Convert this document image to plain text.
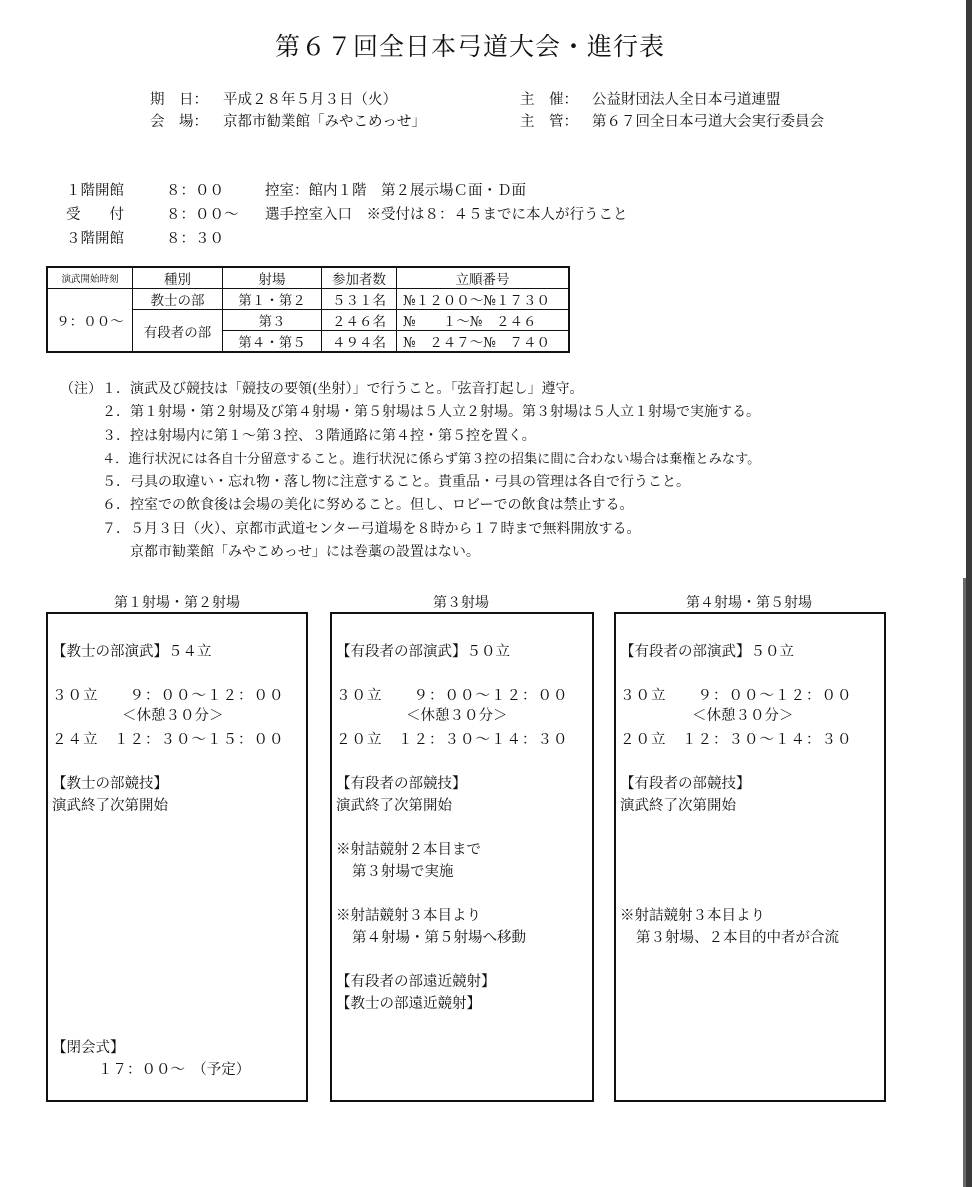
第６７回全日本弓道大会・進行表
期　日： 平成２８年５月３日（火）
会　場： 京都市勧業館「みやこめっせ」
主　催： 公益財団法人全日本弓道連盟
主　管： 第６７回全日本弓道大会実行委員会
１階開館	８：００	控室：館内１階　第２展示場Ｃ面・Ｄ面
受　　付	８：００～ 選手控室入口　※受付は８：４５までに本人が行うこと
３階開館	８：３０
演武開始時刻	種別	射場	参加者数	立順番号
９：００～	教士の部	第１・第２	５３１名	№１２００～№１７３０
	有段者の部	第３	２４６名	№　　１～№　２４６
		第４・第５	４９４名	№　２４７～№　７４０
（注）１．演武及び競技は「競技の要領(坐射）」で行うこと。「弦音打起し」遵守。
２．第１射場・第２射場及び第４射場・第５射場は５人立２射場。第３射場は５人立１射場で実施する。
３．控は射場内に第１～第３控、３階通路に第４控・第５控を置く。
４．進行状況には各自十分留意すること。進行状況に係らず第３控の招集に間に合わない場合は棄権とみなす。
５．弓具の取違い・忘れ物・落し物に注意すること。貴重品・弓具の管理は各自で行うこと。
６．控室での飲食後は会場の美化に努めること。但し、ロビーでの飲食は禁止する。
７．５月３日（火）、京都市武道センター弓道場を８時から１７時まで無料開放する。
京都市勧業館「みやこめっせ」には巻藁の設置はない。
第１射場・第２射場	第３射場	第４射場・第５射場
【教士の部演武】５４立
３０立　　９：００～１２：００
＜休憩３０分＞
２４立　１２：３０～１５：００
【教士の部競技】
演武終了次第開始
【閉会式】
１７：００～　（予定）
【有段者の部演武】５０立
３０立　　９：００～１２：００
＜休憩３０分＞
２０立　１２：３０～１４：３０
【有段者の部競技】
演武終了次第開始
※射詰競射２本目まで
第３射場で実施
※射詰競射３本目より
第４射場・第５射場へ移動
【有段者の部遠近競射】
【教士の部遠近競射】
【有段者の部演武】５０立
３０立　　９：００～１２：００
＜休憩３０分＞
２０立　１２：３０～１４：３０
【有段者の部競技】
演武終了次第開始
※射詰競射３本目より
第３射場、２本目的中者が合流
